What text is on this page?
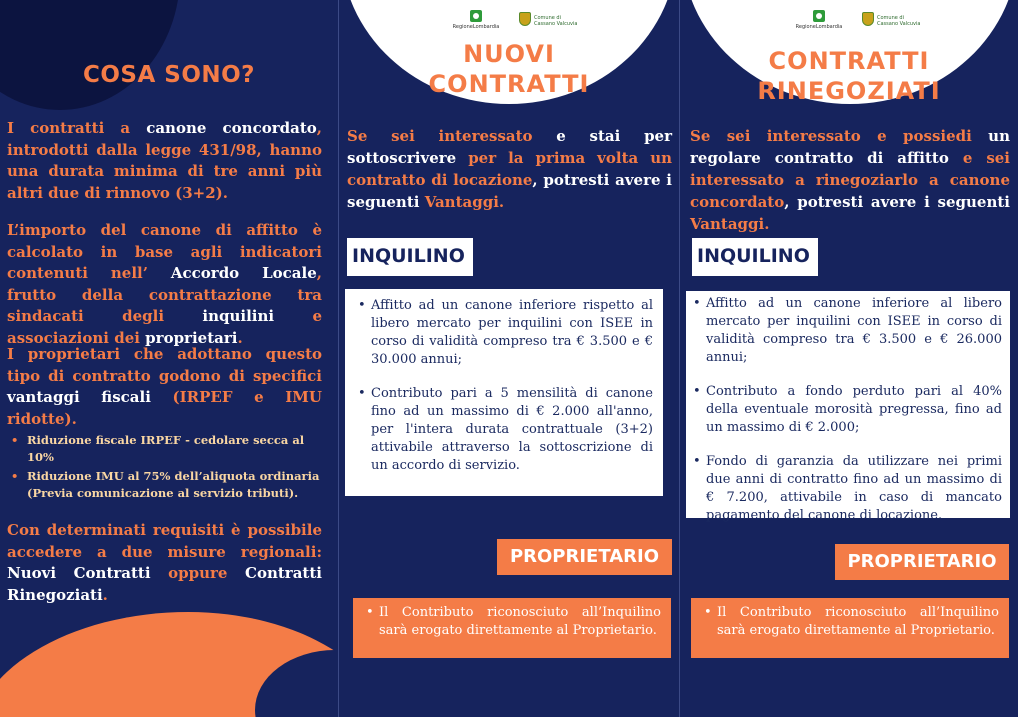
COSA SONO?
I contratti a canone concordato, introdotti dalla legge 431/98, hanno una durata minima di tre anni più altri due di rinnovo (3+2).
L’importo del canone di affitto è calcolato in base agli indicatori contenuti nell’ Accordo Locale, frutto della contrattazione tra sindacati degli inquilini e associazioni dei proprietari.
I proprietari che adottano questo tipo di contratto godono di specifici vantaggi fiscali (IRPEF e IMU ridotte).
• Riduzione fiscale IRPEF - cedolare secca al 10%
• Riduzione IMU al 75% dell’aliquota ordinaria (Previa comunicazione al servizio tributi).
Con determinati requisiti è possibile accedere a due misure regionali: Nuovi Contratti oppure Contratti Rinegoziati.
RegioneLombardia
Comune di Cassano Valcuvia
NUOVI
CONTRATTI
Se sei interessato e stai per sottoscrivere per la prima volta un contratto di locazione, potresti avere i seguenti Vantaggi.
INQUILINO
• Affitto ad un canone inferiore rispetto al libero mercato per inquilini con ISEE in corso di validità compreso tra € 3.500 e € 30.000 annui;
• Contributo pari a 5 mensilità di canone fino ad un massimo di € 2.000 all'anno, per l'intera durata contrattuale (3+2) attivabile attraverso la sottoscrizione di un accordo di servizio.
PROPRIETARIO
• Il Contributo riconosciuto all’Inquilino sarà erogato direttamente al Proprietario.
RegioneLombardia
Comune di Cassano Valcuvia
CONTRATTI
RINEGOZIATI
Se sei interessato e possiedi un regolare contratto di affitto e sei interessato a rinegoziarlo a canone concordato, potresti avere i seguenti Vantaggi.
INQUILINO
• Affitto ad un canone inferiore al libero mercato per inquilini con ISEE in corso di validità compreso tra € 3.500 e € 26.000 annui;
• Contributo a fondo perduto pari al 40% della eventuale morosità pregressa, fino ad un massimo di € 2.000;
• Fondo di garanzia da utilizzare nei primi due anni di contratto fino ad un massimo di € 7.200, attivabile in caso di mancato pagamento del canone di locazione.
PROPRIETARIO
• Il Contributo riconosciuto all’Inquilino sarà erogato direttamente al Proprietario.
